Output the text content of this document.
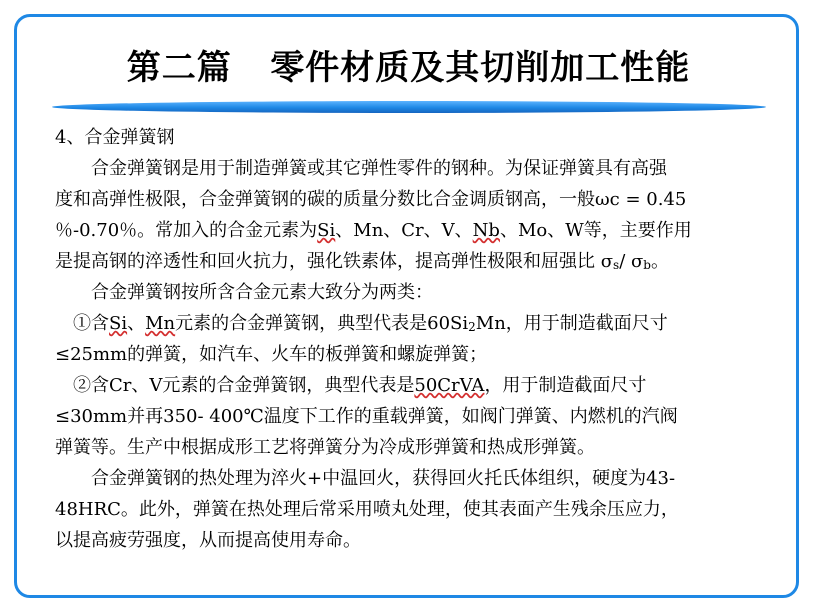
第二篇   零件材质及其切削加工性能
4、合金弹簧钢
合金弹簧钢是用于制造弹簧或其它弹性零件的钢种。为保证弹簧具有高强
度和高弹性极限，合金弹簧钢的碳的质量分数比合金调质钢高，一般ωc = 0.45
％-0.70％。常加入的合金元素为Si、Mn、Cr、V、Nb、Mo、W等，主要作用
是提高钢的淬透性和回火抗力，强化铁素体，提高弹性极限和屈强比 σs/ σb。
合金弹簧钢按所含合金元素大致分为两类：
①含Si、Mn元素的合金弹簧钢，典型代表是60Si2Mn，用于制造截面尺寸
≤25mm的弹簧，如汽车、火车的板弹簧和螺旋弹簧；
②含Cr、V元素的合金弹簧钢，典型代表是50CrVA，用于制造截面尺寸
≤30mm并再350- 400℃温度下工作的重载弹簧，如阀门弹簧、内燃机的汽阀
弹簧等。生产中根据成形工艺将弹簧分为冷成形弹簧和热成形弹簧。
合金弹簧钢的热处理为淬火+中温回火，获得回火托氏体组织，硬度为43-
48HRC。此外，弹簧在热处理后常采用喷丸处理，使其表面产生残余压应力，
以提高疲劳强度，从而提高使用寿命。
